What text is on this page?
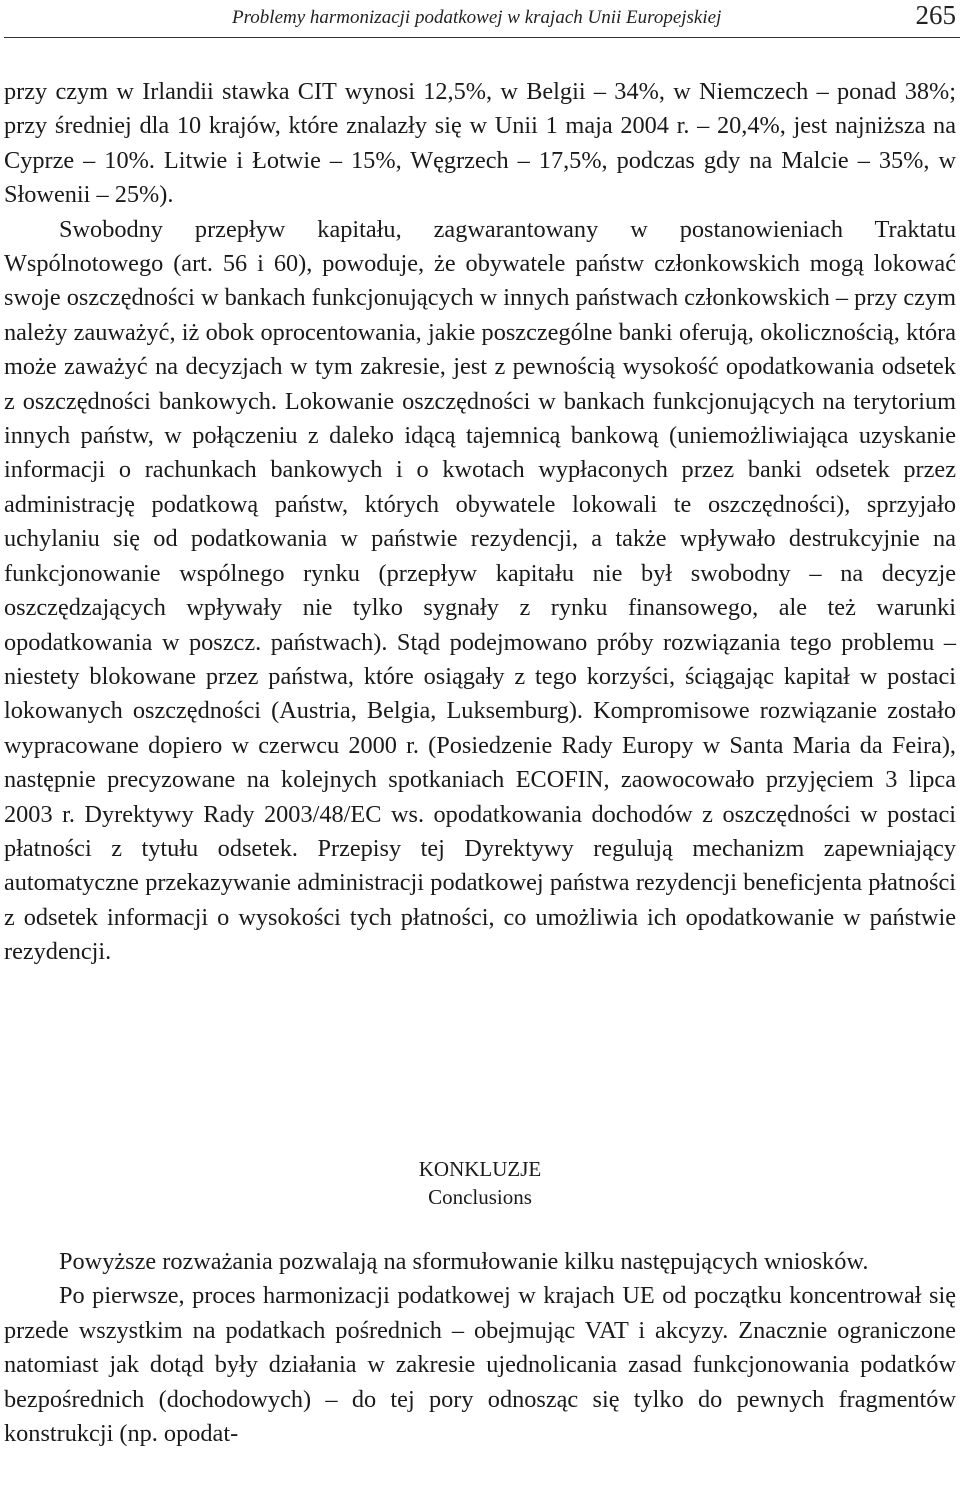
Problemy harmonizacji podatkowej w krajach Unii Europejskiej	265

przy czym w Irlandii stawka CIT wynosi 12,5%, w Belgii – 34%, w Niemczech – ponad 38%; przy średniej dla 10 krajów, które znalazły się w Unii 1 maja 2004 r. – 20,4%, jest najniższa na Cyprze – 10%. Litwie i Łotwie – 15%, Węgrzech – 17,5%, podczas gdy na Malcie – 35%, w Słowenii – 25%).

Swobodny przepływ kapitału, zagwarantowany w postanowieniach Traktatu Wspólnotowego (art. 56 i 60), powoduje, że obywatele państw członkowskich mogą lokować swoje oszczędności w bankach funkcjonujących w innych państwach członkowskich – przy czym należy zauważyć, iż obok oprocentowania, jakie poszczególne banki oferują, okolicznością, która może zaważyć na decyzjach w tym zakresie, jest z pewnością wysokość opodatkowania odsetek z oszczędności bankowych. Lokowanie oszczędności w bankach funkcjonujących na terytorium innych państw, w połączeniu z daleko idącą tajemnicą bankową (uniemożliwiająca uzyskanie informacji o rachunkach bankowych i o kwotach wypłaconych przez banki odsetek przez administrację podatkową państw, których obywatele lokowali te oszczędności), sprzyjało uchylaniu się od podatkowania w państwie rezydencji, a także wpływało destrukcyjnie na funkcjonowanie wspólnego rynku (przepływ kapitału nie był swobodny – na decyzje oszczędzających wpływały nie tylko sygnały z rynku finansowego, ale też warunki opodatkowania w poszcz. państwach). Stąd podejmowano próby rozwiązania tego problemu – niestety blokowane przez państwa, które osiągały z tego korzyści, ściągając kapitał w postaci lokowanych oszczędności (Austria, Belgia, Luksemburg). Kompromisowe rozwiązanie zostało wypracowane dopiero w czerwcu 2000 r. (Posiedzenie Rady Europy w Santa Maria da Feira), następnie precyzowane na kolejnych spotkaniach ECOFIN, zaowocowało przyjęciem 3 lipca 2003 r. Dyrektywy Rady 2003/48/EC ws. opodatkowania dochodów z oszczędności w postaci płatności z tytułu odsetek. Przepisy tej Dyrektywy regulują mechanizm zapewniający automatyczne przekazywanie administracji podatkowej państwa rezydencji beneficjenta płatności z odsetek informacji o wysokości tych płatności, co umożliwia ich opodatkowanie w państwie rezydencji.

KONKLUZJE
Conclusions

Powyższe rozważania pozwalają na sformułowanie kilku następujących wniosków.

Po pierwsze, proces harmonizacji podatkowej w krajach UE od początku koncentrował się przede wszystkim na podatkach pośrednich – obejmując VAT i akcyzy. Znacznie ograniczone natomiast jak dotąd były działania w zakresie ujednolicania zasad funkcjonowania podatków bezpośrednich (dochodowych) – do tej pory odnosząc się tylko do pewnych fragmentów konstrukcji (np. opodat-
